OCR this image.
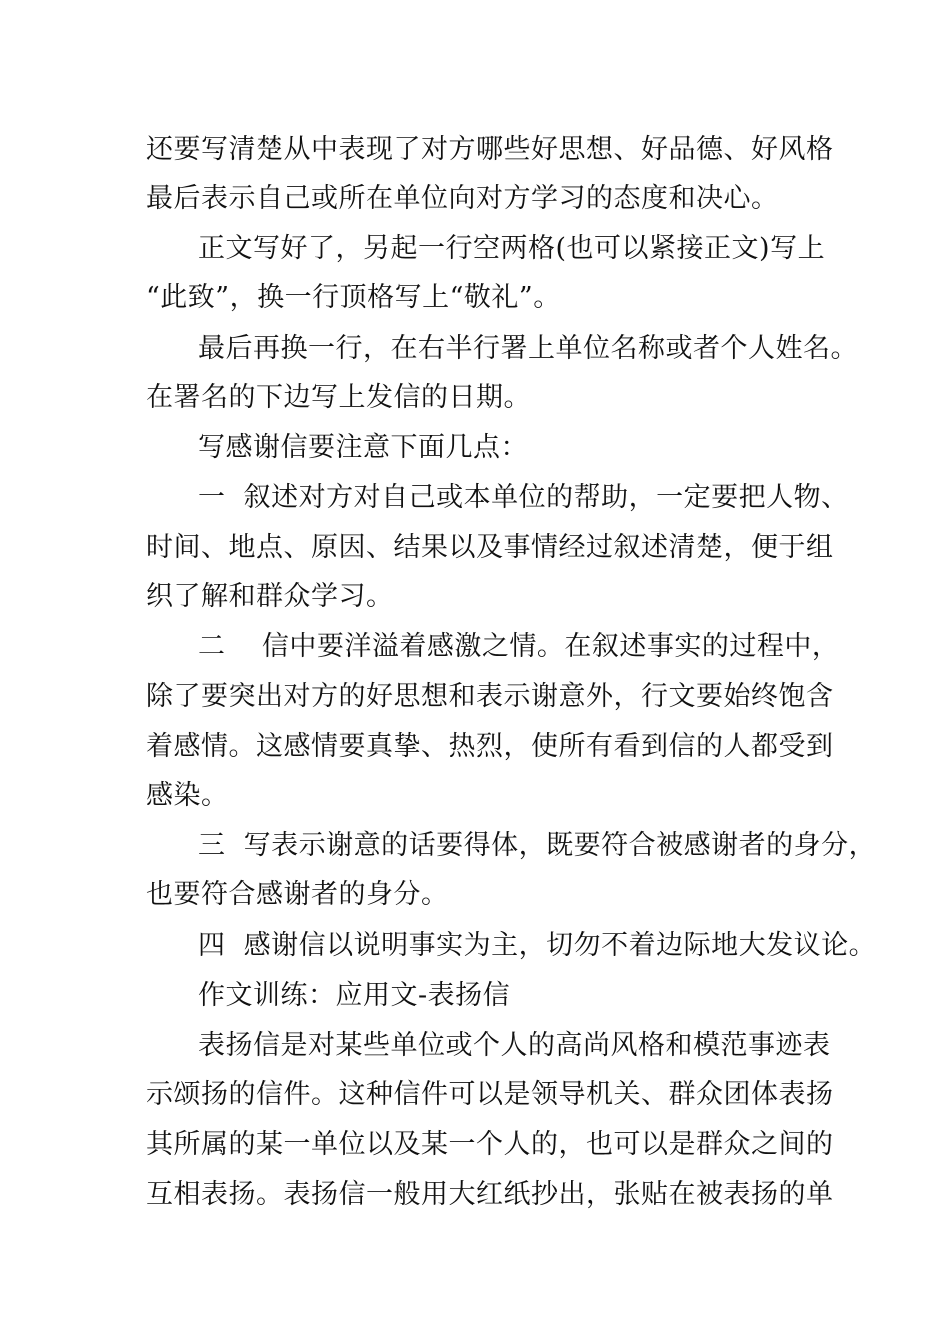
还要写清楚从中表现了对方哪些好思想、好品德、好风格
最后表示自己或所在单位向对方学习的态度和决心。
正文写好了，另起一行空两格(也可以紧接正文)写上
“此致”，换一行顶格写上“敬礼”。
最后再换一行，在右半行署上单位名称或者个人姓名。
在署名的下边写上发信的日期。
写感谢信要注意下面几点：
一  叙述对方对自己或本单位的帮助，一定要把人物、
时间、地点、原因、结果以及事情经过叙述清楚，便于组
织了解和群众学习。
二    信中要洋溢着感激之情。在叙述事实的过程中，
除了要突出对方的好思想和表示谢意外，行文要始终饱含
着感情。这感情要真挚、热烈，使所有看到信的人都受到
感染。
三  写表示谢意的话要得体，既要符合被感谢者的身分，
也要符合感谢者的身分。
四  感谢信以说明事实为主，切勿不着边际地大发议论。
作文训练：应用文-表扬信
表扬信是对某些单位或个人的高尚风格和模范事迹表
示颂扬的信件。这种信件可以是领导机关、群众团体表扬
其所属的某一单位以及某一个人的，也可以是群众之间的
互相表扬。表扬信一般用大红纸抄出，张贴在被表扬的单
